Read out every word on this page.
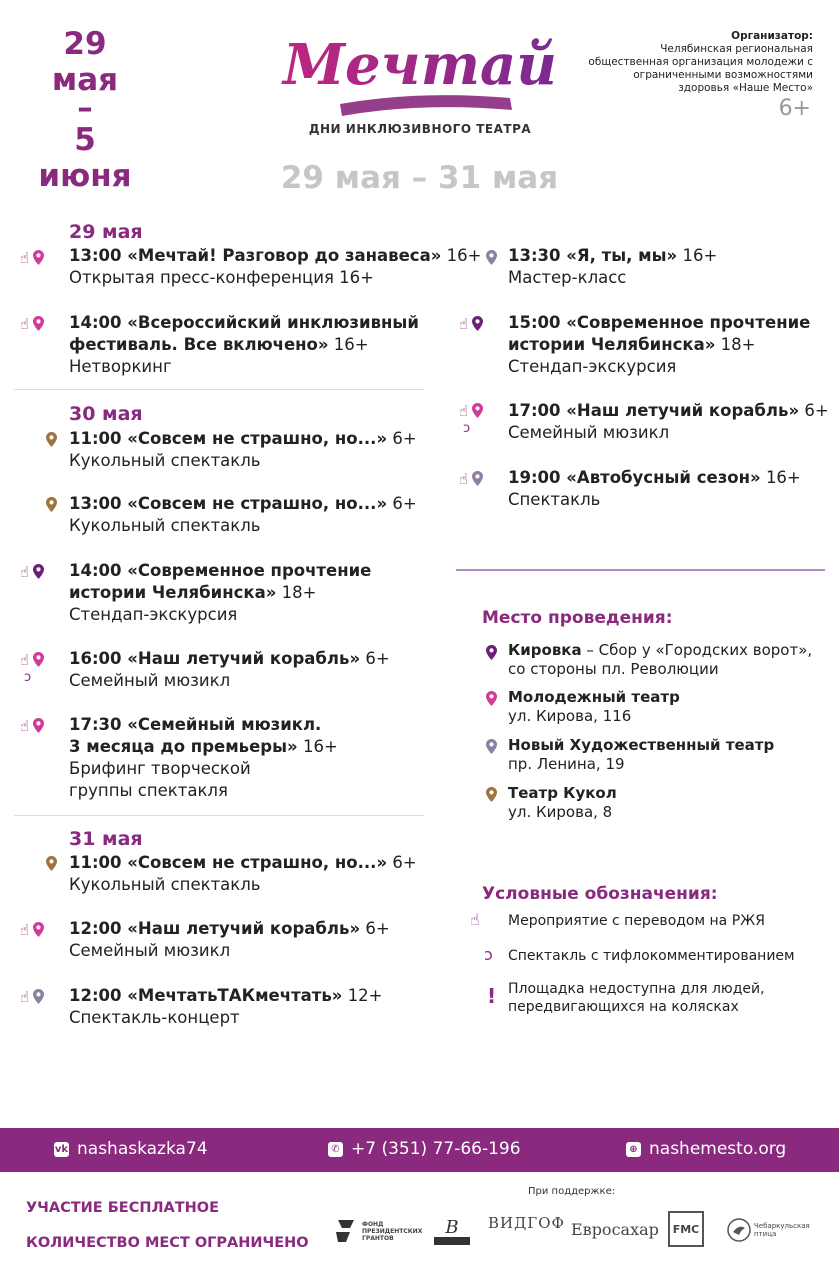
29 мая
–
5 июня
Мечтай
ДНИ ИНКЛЮЗИВНОГО ТЕАТРА
Организатор:
Челябинская региональная общественная организация молодежи с ограниченными возможностями здоровья «Наше Место»
6+
29 мая – 31 мая
29 мая
☝ 13:00 «Мечтай! Разговор до занавеса» 16+
Открытая пресс-конференция 16+
☝ 14:00 «Всероссийский инклюзивный
фестиваль. Все включено» 16+
Нетворкинг
30 мая
11:00 «Совсем не страшно, но...» 6+
Кукольный спектакль
13:00 «Совсем не страшно, но...» 6+
Кукольный спектакль
☝ 14:00 «Современное прочтение
истории Челябинска» 18+
Стендап-экскурсия
☝
ↄ
16:00 «Наш летучий корабль» 6+
Семейный мюзикл
☝ 17:30 «Семейный мюзикл.
3 месяца до премьеры» 16+
Брифинг творческой
группы спектакля
31 мая
11:00 «Совсем не страшно, но...» 6+
Кукольный спектакль
☝ 12:00 «Наш летучий корабль» 6+
Семейный мюзикл
☝ 12:00 «МечтатьТАКмечтать» 12+
Спектакль-концерт
13:30 «Я, ты, мы» 16+
Мастер-класс
☝ 15:00 «Современное прочтение
истории Челябинска» 18+
Стендап-экскурсия
☝
ↄ
17:00 «Наш летучий корабль» 6+
Семейный мюзикл
☝ 19:00 «Автобусный сезон» 16+
Спектакль
Место проведения:
Кировка – Сбор у «Городских ворот»,
со стороны пл. Революции
Молодежный театр
ул. Кирова, 116
Новый Художественный театр
пр. Ленина, 19
Театр Кукол
ул. Кирова, 8
Условные обозначения:
☝ Мероприятие с переводом на РЖЯ
ↄ Спектакль с тифлокомментированием
! Площадка недоступна для людей,
передвигающихся на колясках
vk nashaskazka74	✆ +7 (351) 77-66-196	⊕ nashemesto.org
УЧАСТИЕ БЕСПЛАТНОЕ
КОЛИЧЕСТВО МЕСТ ОГРАНИЧЕНО
При поддержке:
ФОНД ПРЕЗИДЕНТСКИХ ГРАНТОВ	B ВИДГОФ Евросахар	FMC	Чебаркульская птица
